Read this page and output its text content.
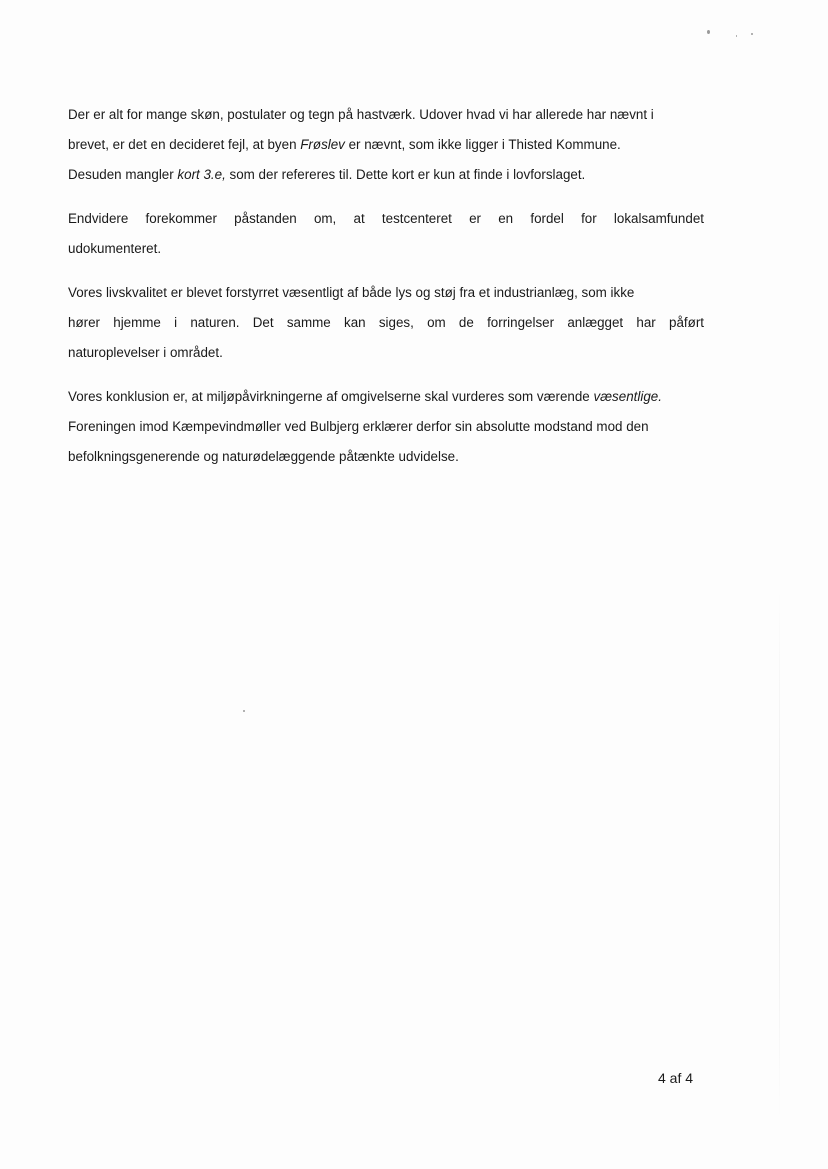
Der er alt for mange skøn, postulater og tegn på hastværk. Udover hvad vi har allerede har nævnt i
brevet, er det en decideret fejl, at byen Frøslev er nævnt, som ikke ligger i Thisted Kommune.
Desuden mangler kort 3.e, som der refereres til. Dette kort er kun at finde i lovforslaget.

Endvidere forekommer påstanden om, at testcenteret er en fordel for lokalsamfundet
udokumenteret.

Vores livskvalitet er blevet forstyrret væsentligt af både lys og støj fra et industrianlæg, som ikke
hører hjemme i naturen. Det samme kan siges, om de forringelser anlægget har påført
naturoplevelser i området.

Vores konklusion er, at miljøpåvirkningerne af omgivelserne skal vurderes som værende væsentlige.
Foreningen imod Kæmpevindmøller ved Bulbjerg erklærer derfor sin absolutte modstand mod den
befolkningsgenerende og naturødelæggende påtænkte udvidelse.

4 af 4
